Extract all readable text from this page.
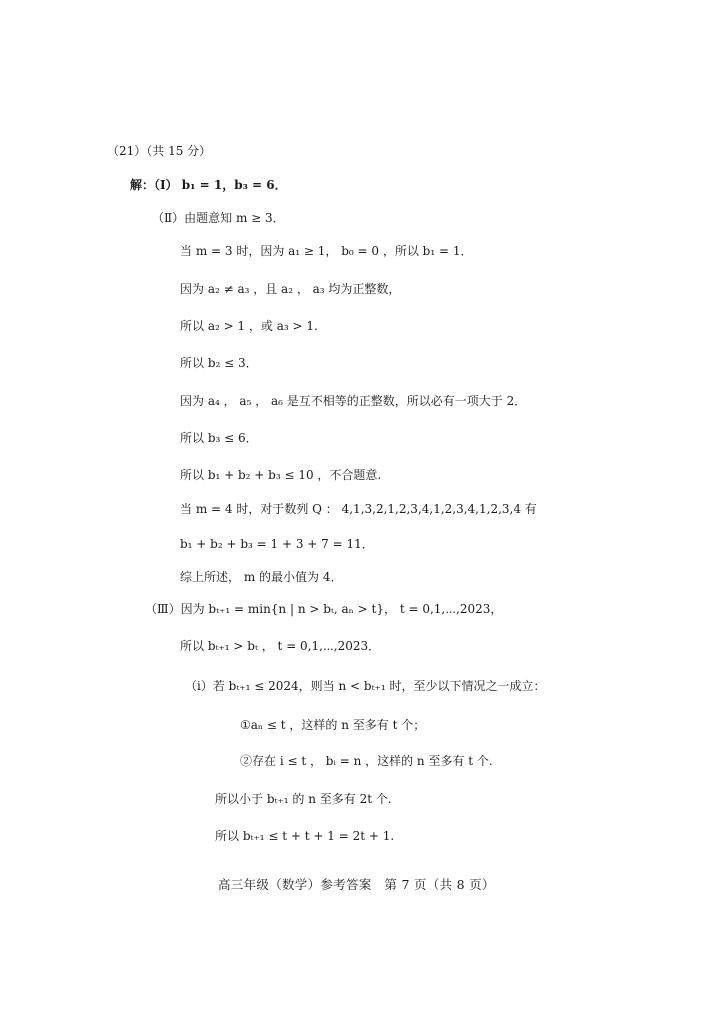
（21）（共 15 分）
解：（Ⅰ） b₁ = 1，b₃ = 6．
（Ⅱ）由题意知 m ≥ 3．
当 m = 3 时，因为 a₁ ≥ 1， b₀ = 0 ，所以 b₁ = 1．
因为 a₂ ≠ a₃ ，且 a₂ ， a₃ 均为正整数，
所以 a₂ > 1 ，或 a₃ > 1.
所以 b₂ ≤ 3．
因为 a₄ ， a₅ ， a₆ 是互不相等的正整数，所以必有一项大于 2．
所以 b₃ ≤ 6．
所以 b₁ + b₂ + b₃ ≤ 10 ，不合题意.
当 m = 4 时，对于数列 Q ： 4,1,3,2,1,2,3,4,1,2,3,4,1,2,3,4 有
b₁ + b₂ + b₃ = 1 + 3 + 7 = 11．
综上所述， m 的最小值为 4．
（Ⅲ）因为 bₜ₊₁ = min{n | n > bₜ, aₙ > t}， t = 0,1,⋯,2023，
所以 bₜ₊₁ > bₜ ， t = 0,1,⋯,2023．
（ⅰ）若 bₜ₊₁ ≤ 2024，则当 n < bₜ₊₁ 时，至少以下情况之一成立：
①aₙ ≤ t ，这样的 n 至多有 t 个；
②存在 i ≤ t ， bᵢ = n ，这样的 n 至多有 t 个.
所以小于 bₜ₊₁ 的 n 至多有 2t 个.
所以 bₜ₊₁ ≤ t + t + 1 = 2t + 1.
高三年级（数学）参考答案　第 7 页（共 8 页）
